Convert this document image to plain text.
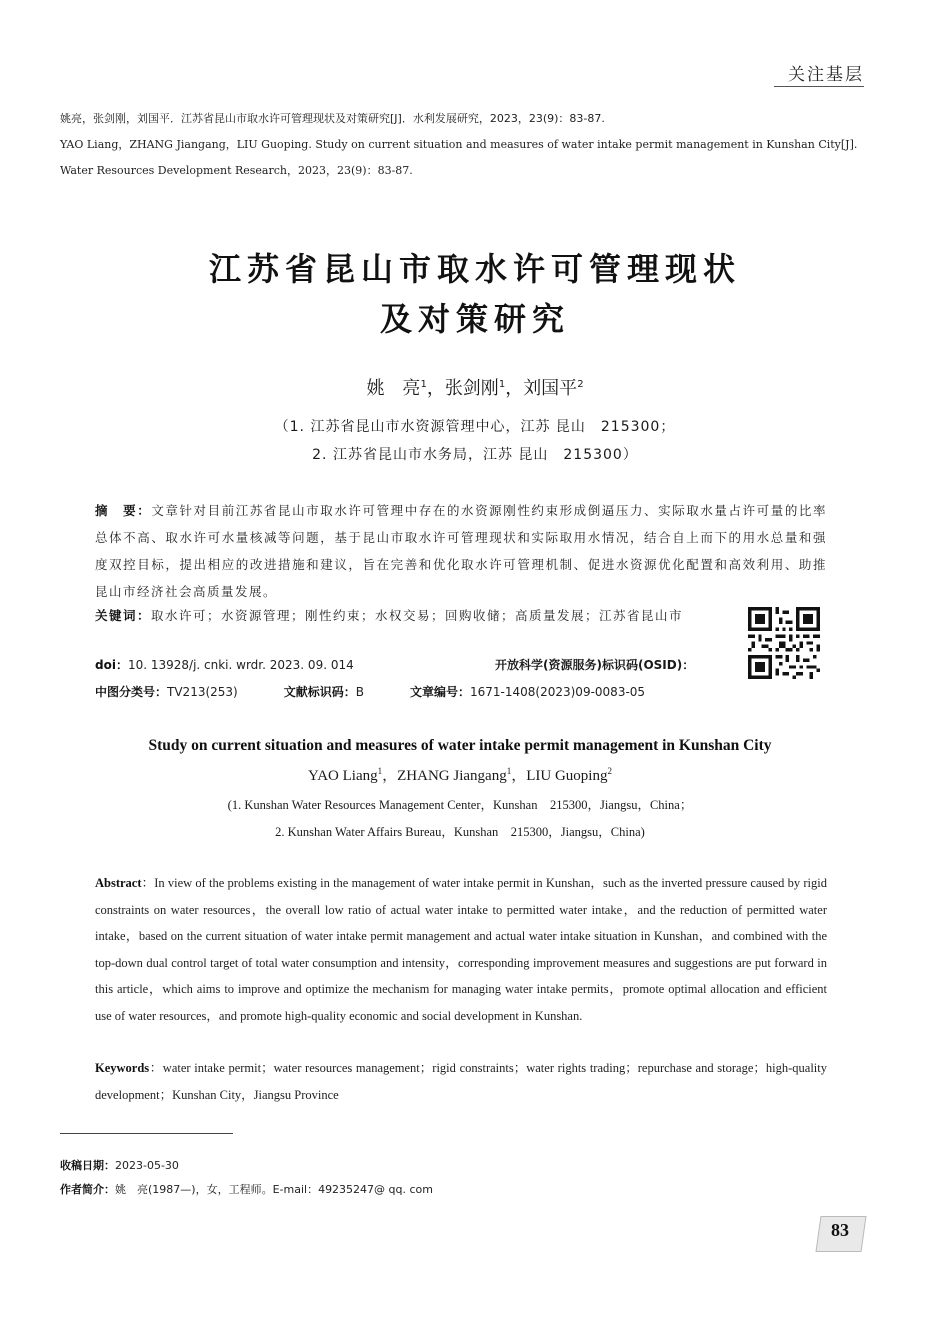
关注基层
姚亮，张剑刚，刘国平．江苏省昆山市取水许可管理现状及对策研究[J]．水利发展研究，2023，23(9)：83-87.
YAO Liang，ZHANG Jiangang，LIU Guoping. Study on current situation and measures of water intake permit management in Kunshan City[J]. Water Resources Development Research，2023，23(9)：83-87.
江苏省昆山市取水许可管理现状
及对策研究
姚　亮$^1$，张剑刚$^1$，刘国平$^2$
（1. 江苏省昆山市水资源管理中心，江苏 昆山　215300；
2. 江苏省昆山市水务局，江苏 昆山　215300）
摘　要：文章针对目前江苏省昆山市取水许可管理中存在的水资源刚性约束形成倒逼压力、实际取水量占许可量的比率总体不高、取水许可水量核减等问题，基于昆山市取水许可管理现状和实际取用水情况，结合自上而下的用水总量和强度双控目标，提出相应的改进措施和建议，旨在完善和优化取水许可管理机制、促进水资源优化配置和高效利用、助推昆山市经济社会高质量发展。
关键词：取水许可；水资源管理；刚性约束；水权交易；回购收储；高质量发展；江苏省昆山市
doi：10. 13928/j. cnki. wrdr. 2023. 09. 014	开放科学(资源服务)标识码(OSID)：
中图分类号：TV213(253)	文献标识码：B	文章编号：1671-1408(2023)09-0083-05
Study on current situation and measures of water intake permit management in Kunshan City
YAO Liang$^1$，ZHANG Jiangang$^1$，LIU Guoping$^2$
(1. Kunshan Water Resources Management Center，Kunshan　215300，Jiangsu，China；
2. Kunshan Water Affairs Bureau，Kunshan　215300，Jiangsu，China)
Abstract：In view of the problems existing in the management of water intake permit in Kunshan，such as the inverted pressure caused by rigid constraints on water resources，the overall low ratio of actual water intake to permitted water intake，and the reduction of permitted water intake，based on the current situation of water intake permit management and actual water intake situation in Kunshan，and combined with the top-down dual control target of total water consumption and intensity，corresponding improvement measures and suggestions are put forward in this article，which aims to improve and optimize the mechanism for managing water intake permits，promote optimal allocation and efficient use of water resources，and promote high-quality economic and social development in Kunshan.
Keywords：water intake permit；water resources management；rigid constraints；water rights trading；repurchase and storage；high-quality development；Kunshan City，Jiangsu Province
收稿日期：2023-05-30
作者简介：姚　亮(1987—)，女，工程师。E-mail：49235247@ qq. com
83
